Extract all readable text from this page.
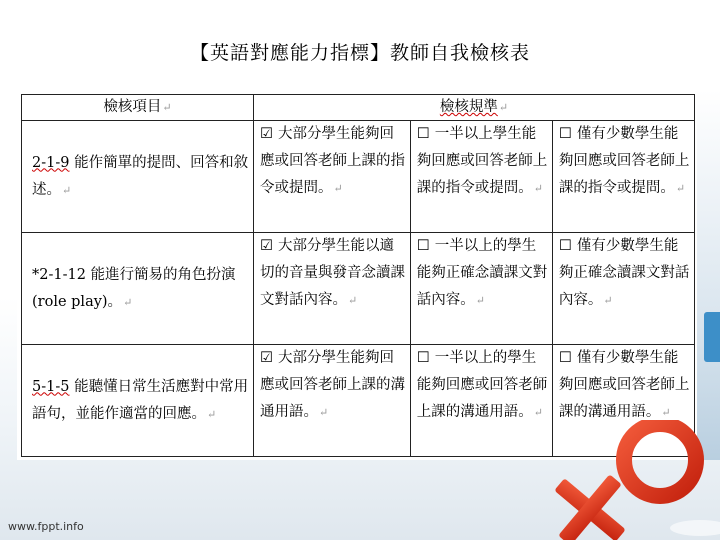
【英語對應能力指標】教師自我檢核表
檢核項目↵	檢核規準↵		
2-1-9 能作簡單的提問、回答和敘述。↵	☑ 大部分學生能夠回應或回答老師上課的指令或提問。↵	☐ 一半以上學生能夠回應或回答老師上課的指令或提問。↵	☐ 僅有少數學生能夠回應或回答老師上課的指令或提問。↵
*2-1-12 能進行簡易的角色扮演(role play)。↵	☑ 大部分學生能以適切的音量與發音念讀課文對話內容。↵	☐ 一半以上的學生能夠正確念讀課文對話內容。↵	☐ 僅有少數學生能夠正確念讀課文對話內容。↵
5-1-5 能聽懂日常生活應對中常用語句，並能作適當的回應。↵	☑ 大部分學生能夠回應或回答老師上課的溝通用語。↵	☐ 一半以上的學生能夠回應或回答老師上課的溝通用語。↵	☐ 僅有少數學生能夠回應或回答老師上課的溝通用語。↵
www.fppt.info
